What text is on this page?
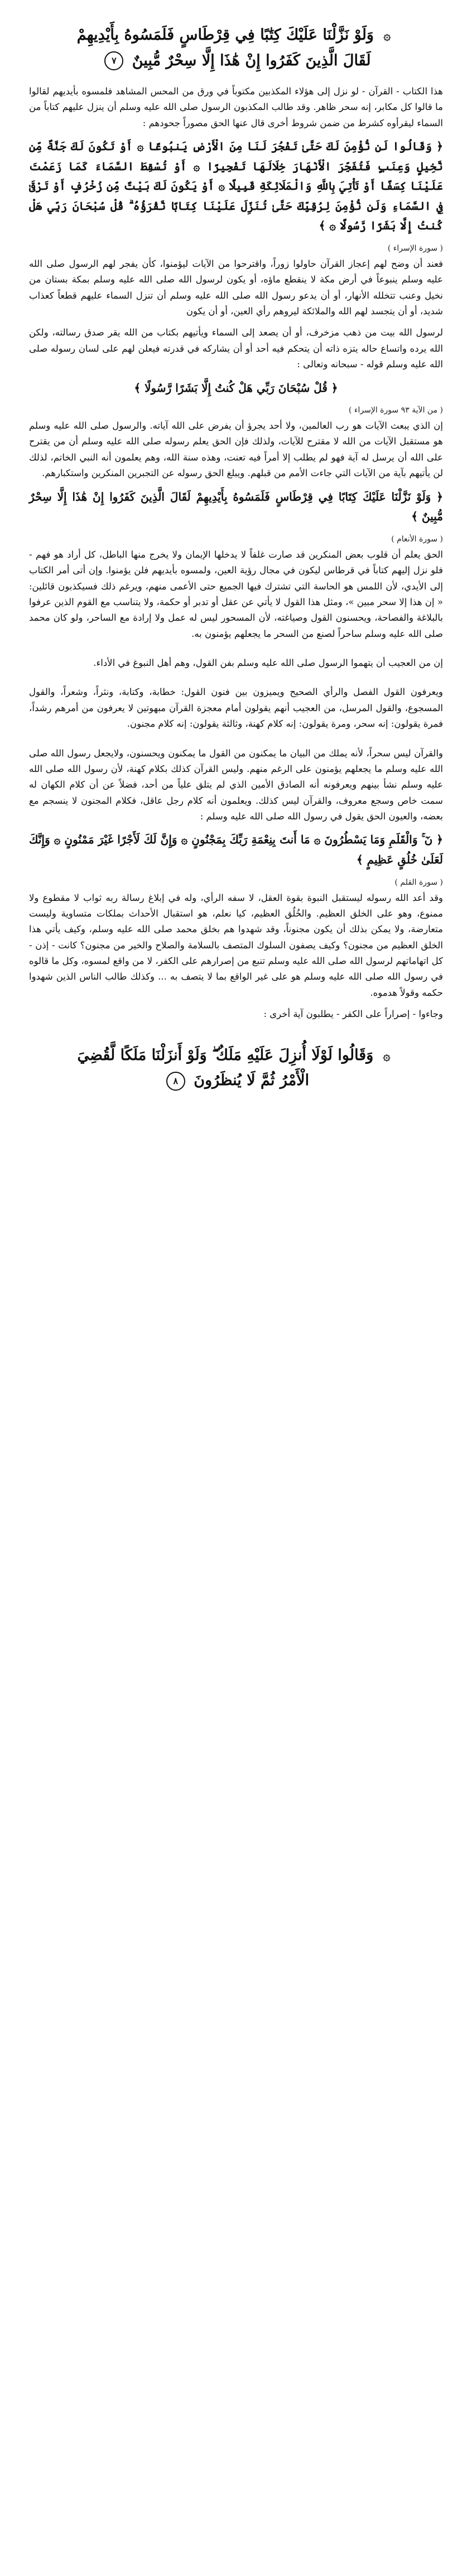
۞ وَلَوْ نَزَّلْنَا عَلَيْكَ كِتَٰبًا فِي قِرْطَاسٍ فَلَمَسُوهُ بِأَيْدِيهِمْ
لَقَالَ الَّذِينَ كَفَرُوا إِنْ هَٰذَا إِلَّا سِحْرٌ مُّبِينٌ ٧

هذا الكتاب - القرآن - لو نزل إلى هؤلاء المكذبين مكتوباً في ورق من المحس المشاهد فلمسوه بأيديهم لقالوا ما قالوا كل مكابر، إنه سحر ظاهر. وقد طالب المكذبون الرسول صلى الله عليه وسلم أن ينزل عليهم كتاباً من السماء ليقرأوه كشرط من ضمن شروط أخرى قال عنها الحق مصوراً جحودهم :

﴿ وَقَالُوا لَن نُّؤْمِنَ لَكَ حَتَّىٰ تَفْجُرَ لَنَا مِنَ الْأَرْضِ يَنبُوعًا ۞ أَوْ تَكُونَ لَكَ جَنَّةٌ مِّن نَّخِيلٍ وَعِنَبٍ فَتُفَجِّرَ الْأَنْهَارَ خِلَالَهَا تَفْجِيرًا ۞ أَوْ تُسْقِطَ السَّمَاءَ كَمَا زَعَمْتَ عَلَيْنَا كِسَفًا أَوْ تَأْتِيَ بِاللَّهِ وَالْمَلَائِكَةِ قَبِيلًا ۞ أَوْ يَكُونَ لَكَ بَيْتٌ مِّن زُخْرُفٍ أَوْ تَرْقَىٰ فِي السَّمَاءِ وَلَن نُّؤْمِنَ لِرُقِيِّكَ حَتَّىٰ تُنَزِّلَ عَلَيْنَا كِتَابًا نَّقْرَؤُهُ ۗ قُلْ سُبْحَانَ رَبِّي هَلْ كُنتُ إِلَّا بَشَرًا رَّسُولًا ۞ ﴾

( سورة الإسراء )

فعند أن وضح لهم إعجاز القرآن حاولوا زوراً، واقترحوا من الآيات ليؤمنوا، كأن يفجر لهم الرسول صلى الله عليه وسلم ينبوعاً في أرض مكة لا ينقطع ماؤه، أو يكون لرسول الله صلى الله عليه وسلم بمكة بستان من نخيل وعنب تتخلله الأنهار، أو أن يدعو رسول الله صلى الله عليه وسلم أن تنزل السماء عليهم قطعاً كعذاب شديد، أو أن يتجسد لهم الله والملائكة ليروهم رأي العين، أو أن يكون

لرسول الله بيت من ذهب مزخرف، أو أن يصعد إلى السماء ويأتيهم بكتاب من الله يقر صدق رسالته، ولكن الله يرده واتساع حاله يتزه ذاته أن يتحكم فيه أحد أو أن يشاركه في قدرته فيعلن لهم على لسان رسوله صلى الله عليه وسلم قوله - سبحانه وتعالى :

﴿ قُلْ سُبْحَانَ رَبِّي هَلْ كُنتُ إِلَّا بَشَرًا رَّسُولًا ﴾

( من الآية ٩٣ سورة الإسراء )

إن الذي يبعث الآيات هو رب العالمين، ولا أحد يجرؤ أن يفرض على الله آياته. والرسول صلى الله عليه وسلم هو مستقبل الآيات من الله لا مقترح للآيات، ولذلك فإن الحق يعلم رسوله صلى الله عليه وسلم أن من يقترح على الله أن يرسل له آية فهو لم يطلب إلا أمراً فيه تعنت، وهذه سنة الله، وهم يعلمون أنه النبي الخاتم، لذلك لن يأتيهم بآية من الآيات التي جاءت الأمم من قبلهم. ويبلغ الحق رسوله عن التجبرين المنكرين واستكبارهم.

﴿ وَلَوْ نَزَّلْنَا عَلَيْكَ كِتَابًا فِي قِرْطَاسٍ فَلَمَسُوهُ بِأَيْدِيهِمْ لَقَالَ الَّذِينَ كَفَرُوا إِنْ هَٰذَا إِلَّا سِحْرٌ مُّبِينٌ ﴾

( سورة الأنعام )

الحق يعلم أن قلوب بعض المنكرين قد صارت غلفاً لا يدخلها الإيمان ولا يخرج منها الباطل، كل أراد هو فهم - فلو نزل إليهم كتاباً في قرطاس ليكون في مجال رؤية العين، ولمسوه بأيديهم فلن يؤمنوا. وإن أتى أمر الكتاب إلى الأيدي، لأن اللمس هو الحاسة التي تشترك فيها الجميع حتى الأعمى منهم، ويرغم ذلك فسيكذبون قائلين: « إن هذا إلا سحر مبين »، ومثل هذا القول لا يأتي عن عقل أو تدبر أو حكمة، ولا يتناسب مع القوم الذين عرفوا بالبلاغة والفصاحة، ويحسنون القول وصياغته، لأن المسحور ليس له عمل ولا إرادة مع الساحر، ولو كان محمد صلى الله عليه وسلم ساحراً لصنع من السحر ما يجعلهم يؤمنون به.

إن من العجيب أن يتهموا الرسول صلى الله عليه وسلم بفن القول، وهم أهل النبوغ في الأداء.

ويعرفون القول الفصل والرأي الصحيح ويميزون بين فنون القول: خطابة، وكتابة، ونثراً، وشعراً، والقول المسجوع، والقول المرسل، من العجيب أنهم يقولون أمام معجزة القرآن مبهوتين لا يعرفون من أمرهم رشداً، فمرة يقولون: إنه سحر، ومرة يقولون: إنه كلام كهنة، وثالثة يقولون: إنه كلام مجنون.

والقرآن ليس سحراً، لأنه يملك من البيان ما يمكنون من القول ما يمكنون ويحسنون، ولايجعل رسول الله صلى الله عليه وسلم ما يجعلهم يؤمنون على الرغم منهم. وليس القرآن كذلك بكلام كهنة، لأن رسول الله صلى الله عليه وسلم نشأ بينهم ويعرفونه أنه الصادق الأمين الذي لم يتلق علياً من أحد، فضلاً عن أن كلام الكهان له سمت خاص وسجع معروف، والقرآن ليس كذلك. ويعلمون أنه كلام رجل عاقل، فكلام المجنون لا ينسجم مع بعضه، والعيون الحق يقول في رسول الله صلى الله عليه وسلم :

﴿ نٓ ۚ وَالْقَلَمِ وَمَا يَسْطُرُونَ ۞ مَا أَنتَ بِنِعْمَةِ رَبِّكَ بِمَجْنُونٍ ۞ وَإِنَّ لَكَ لَأَجْرًا غَيْرَ مَمْنُونٍ ۞ وَإِنَّكَ لَعَلَىٰ خُلُقٍ عَظِيمٍ ﴾

( سورة القلم )

وقد أعد الله رسوله ليستقبل النبوة بقوة العقل، لا سفه الرأي، وله في إبلاغ رسالة ربه ثواب لا مقطوع ولا ممنوع، وهو على الخلق العظيم. والخُلُق العظيم، كيا نعلم، هو استقبال الأحداث بملكات متساوية وليست متعارضة، ولا يمكن بذلك أن يكون مجنوناً، وقد شهدوا هم بخلق محمد صلى الله عليه وسلم، وكيف يأتي هذا الخلق العظيم من مجنون؟ وكيف يصفون السلوك المتصف بالسلامة والصلاح والخير من مجنون؟ كانت - إذن - كل اتهاماتهم لرسول الله صلى الله عليه وسلم تنبع من إصرارهم على الكفر، لا من واقع لمسوه، وكل ما قالوه في رسول الله صلى الله عليه وسلم هو على غير الواقع بما لا يتصف به ... وكذلك طالب الناس الذين شهدوا حكمه وقولاً هدموه.

وجاءوا - إصراراً على الكفر - يطلبون آية أخرى :

۞ وَقَالُوا لَوْلَا أُنزِلَ عَلَيْهِ مَلَكٌ ۖ وَلَوْ أَنزَلْنَا مَلَكًا لَّقُضِيَ
الْأَمْرُ ثُمَّ لَا يُنظَرُونَ ٨
